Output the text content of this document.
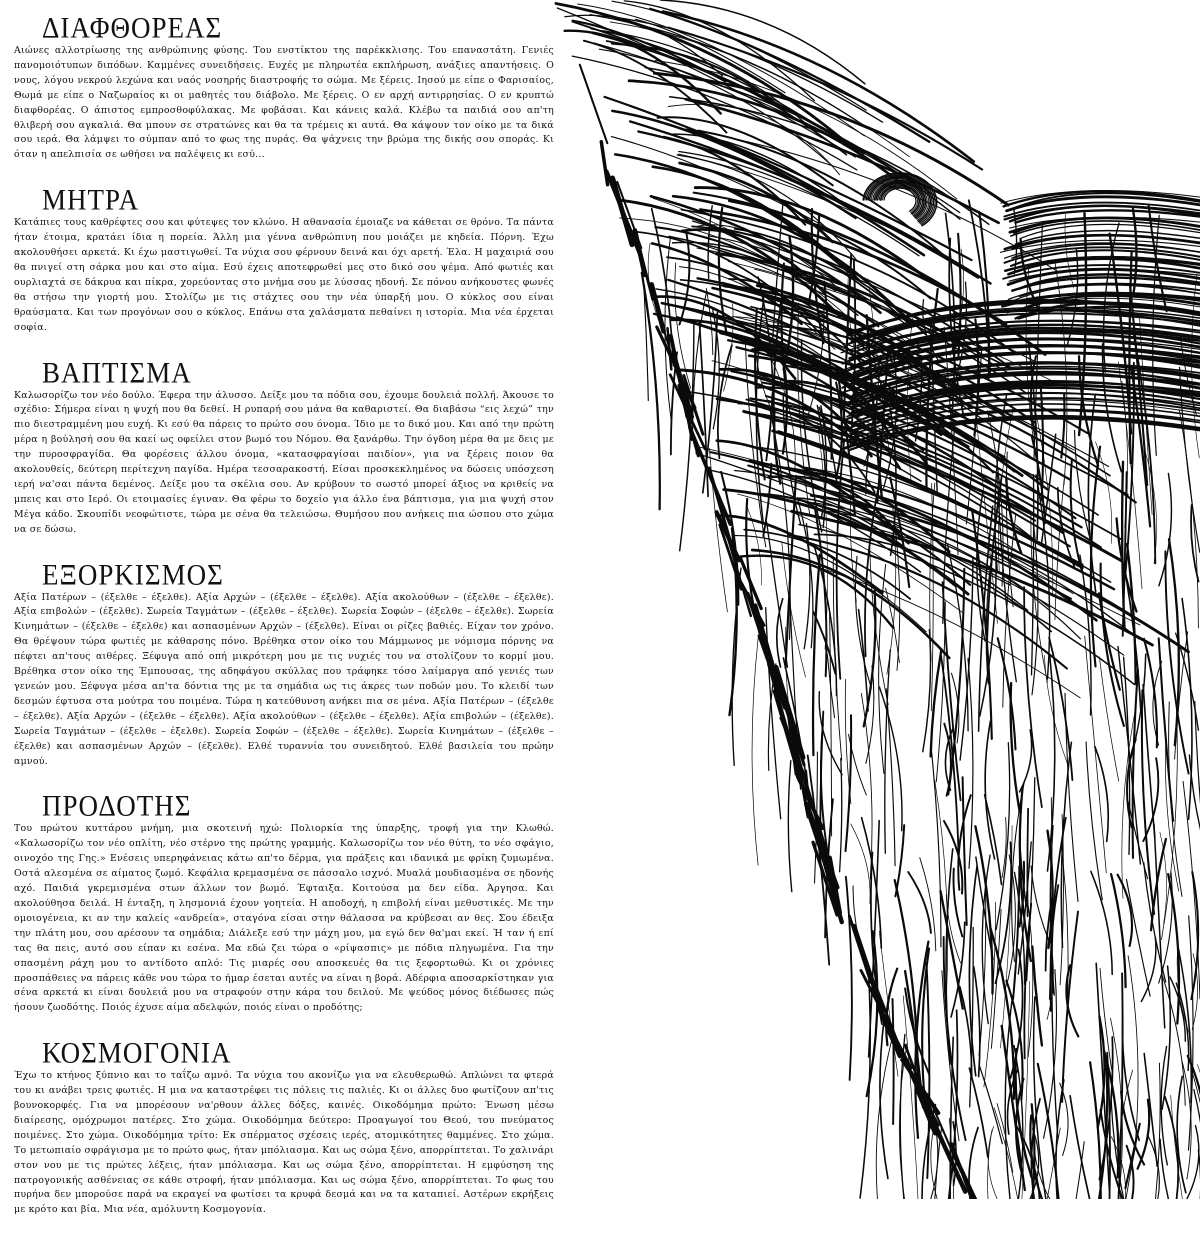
ΔΙΑΦΘΟΡΕΑΣ

Αιώνες αλλοτρίωσης της ανθρώπινης φύσης. Του ενστίκτου της παρέκκλισης. Του επαναστάτη. Γενιές πανομοιότυπων διπόδων. Καμμένες συνειδήσεις. Ευχές με πληρωτέα εκπλήρωση, ανάξιες απαντήσεις. Ο νους, λόγου νεκρού λεχώνα και ναός νοσηρής διαστροφής το σώμα. Με ξέρεις. Ιησού με είπε ο Φαρισαίος, Θωμά με είπε ο Ναζωραίος κι οι μαθητές του διάβολο. Με ξέρεις. Ο εν αρχή αντιρρησίας. Ο εν κρυπτώ διαφθορέας. Ο άπιστος εμπροσθοφύλακας. Με φοβάσαι. Και κάνεις καλά. Κλέβω τα παιδιά σου απ'τη θλιβερή σου αγκαλιά. Θα μπουν σε στρατώνες και θα τα τρέμεις κι αυτά. Θα κάψουν τον οίκο με τα δικά σου ιερά. Θα λάμψει το σύμπαν από το φως της πυράς. Θα ψάχνεις την βρώμα της δικής σου σποράς. Κι όταν η απελπισία σε ωθήσει να παλέψεις κι εσύ...

ΜΗΤΡΑ

Κατάπιες τους καθρέφτες σου και φύτεψες τον κλώνο. Η αθανασία έμοιαζε να κάθεται σε θρόνο. Τα πάντα ήταν έτοιμα, κρατάει ίδια η πορεία. Άλλη μια γέννα ανθρώπινη που μοιάζει με κηδεία. Πόρνη. Έχω ακολουθήσει αρκετά. Κι έχω μαστιγωθεί. Τα νύχια σου φέρνουν δεινά και όχι αρετή. Έλα. Η μαχαιριά σου θα πνιγεί στη σάρκα μου και στο αίμα. Εσύ έχεις αποτεφρωθεί μες στο δικό σου ψέμα. Από φωτιές και ουρλιαχτά σε δάκρυα και πίκρα, χορεύοντας στο μνήμα σου με λύσσας ηδονή. Σε πόνου ανήκουστες φωνές θα στήσω την γιορτή μου. Στολίζω με τις στάχτες σου την νέα ύπαρξή μου. Ο κύκλος σου είναι θραύσματα. Και των προγόνων σου ο κύκλος. Επάνω στα χαλάσματα πεθαίνει η ιστορία. Μια νέα έρχεται σοφία.

ΒΑΠΤΙΣΜΑ

Καλωσορίζω τον νέο δούλο. Έφερα την άλυσσο. Δείξε μου τα πόδια σου, έχουμε δουλειά πολλή. Άκουσε το σχέδιο: Σήμερα είναι η ψυχή που θα δεθεί. Η ρυπαρή σου μάνα θα καθαριστεί. Θα διαβάσω “εις λεχώ” την πιο διεστραμμένη μου ευχή. Κι εσύ θα πάρεις το πρώτο σου όνομα. Ίδιο με το δικό μου. Και από την πρώτη μέρα η βούλησή σου θα καεί ως οφείλει στον βωμό του Νόμου. Θα ξανάρθω. Την όγδοη μέρα θα με δεις με την πυροσφραγίδα. Θα φορέσεις άλλου όνομα, «κατασφραγίσαι παιδίον», για να ξέρεις ποιον θα ακολουθείς, δεύτερη περίτεχνη παγίδα. Ημέρα τεσσαρακοστή. Είσαι προσκεκλημένος να δώσεις υπόσχεση ιερή να'σαι πάντα δεμένος. Δείξε μου τα σκέλια σου. Αν κρύβουν το σωστό μπορεί άξιος να κριθείς να μπεις και στο Ιερό. Οι ετοιμασίες έγιναν. Θα φέρω το δοχείο για άλλο ένα βάπτισμα, για μια ψυχή στον Μέγα κάδο. Σκουπίδι νεοφώτιστε, τώρα με σένα θα τελειώσω. Θυμήσου που ανήκεις πια ώσπου στο χώμα να σε δώσω.

ΕΞΟΡΚΙΣΜΟΣ

Αξία Πατέρων – (έξελθε – έξελθε). Αξία Αρχών – (έξελθε – έξελθε). Αξία ακολούθων – (έξελθε – έξελθε). Αξία επιβολών – (έξελθε). Σωρεία Ταγμάτων – (έξελθε – έξελθε). Σωρεία Σοφών – (έξελθε – έξελθε). Σωρεία Κινημάτων – (έξελθε – έξελθε) και ασπασμένων Αρχών – (έξελθε). Είναι οι ρίζες βαθιές. Είχαν τον χρόνο. Θα θρέψουν τώρα φωτιές με κάθαρσης πόνο. Βρέθηκα στον οίκο του Μάμμωνος με νόμισμα πόρνης να πέφτει απ'τους αιθέρες. Ξέφυγα από οπή μικρότερη μου με τις νυχιές του να στολίζουν το κορμί μου. Βρέθηκα στον οίκο της Έμπουσας, της αδηφάγου σκύλλας που τράφηκε τόσο λαίμαργα από γενιές των γενεών μου. Ξέφυγα μέσα απ'τα δόντια της με τα σημάδια ως τις άκρες των ποδών μου. Το κλειδί των δεσμών έφτυσα στα μούτρα του ποιμένα. Τώρα η κατεύθυνση ανήκει πια σε μένα. Αξία Πατέρων – (έξελθε – έξελθε). Αξία Αρχών – (έξελθε – έξελθε). Αξία ακολούθων – (έξελθε – έξελθε). Αξία επιβολών – (έξελθε). Σωρεία Ταγμάτων – (έξελθε – έξελθε). Σωρεία Σοφών – (έξελθε – έξελθε). Σωρεία Κινημάτων – (έξελθε – έξελθε) και ασπασμένων Αρχών – (έξελθε). Ελθέ τυραννία του συνειδητού. Ελθέ βασιλεία του πρώην αμνού.

ΠΡΟΔΟΤΗΣ

Του πρώτου κυττάρου μνήμη, μια σκοτεινή ηχώ: Πολιορκία της ύπαρξης, τροφή για την Κλωθώ. «Καλωσορίζω τον νέο οπλίτη, νέο στέρνο της πρώτης γραμμής. Καλωσορίζω τον νέο θύτη, το νέο σφάγιο, οινοχόο της Γης.» Ενέσεις υπερηφάνειας κάτω απ'το δέρμα, για πράξεις και ιδανικά με φρίκη ζυμωμένα. Οστά αλεσμένα σε αίματος ζωμό. Κεφάλια κρεμασμένα σε πάσσαλο ισχνό. Μυαλά μουδιασμένα σε ηδονής αχό. Παιδιά γκρεμισμένα στων άλλων τον βωμό. Έφταιξα. Κοιτούσα μα δεν είδα. Άργησα. Και ακολούθησα δειλά. Η ένταξη, η λησμονιά έχουν γοητεία. Η αποδοχή, η επιβολή είναι μεθυστικές. Με την ομοιογένεια, κι αν την καλείς «ανδρεία», σταγόνα είσαι στην θάλασσα να κρύβεσαι αν θες. Σου έδειξα την πλάτη μου, σου αρέσουν τα σημάδια; Διάλεξε εσύ την μάχη μου, μα εγώ δεν θα'μαι εκεί. Ή ταν ή επί τας θα πεις, αυτό σου είπαν κι εσένα. Μα εδώ ζει τώρα ο «ρίψασπις» με πόδια πληγωμένα. Για την σπασμένη ράχη μου το αντίδοτο απλό: Τις μιαρές σου αποσκευές θα τις ξεφορτωθώ. Κι οι χρόνιες προσπάθειες να πάρεις κάθε νου τώρα το ήμαρ έσεται αυτές να είναι η βορά. Αδέρφια αποσαρκίστηκαν για σένα αρκετά κι είναι δουλειά μου να στραφούν στην κάρα του δειλού. Με ψεύδος μόνος διέδωσες πώς ήσουν ζωοδότης. Ποιός έχυσε αίμα αδελφών, ποιός είναι ο προδότης;

ΚΟΣΜΟΓΟΝΙΑ

Έχω το κτήνος ξύπνιο και το ταΐζω αμνό. Τα νύχια του ακονίζω για να ελευθερωθώ. Απλώνει τα φτερά του κι ανάβει τρεις φωτιές. Η μια να καταστρέφει τις πόλεις τις παλιές. Κι οι άλλες δυο φωτίζουν απ'τις βουνοκορφές. Για να μπορέσουν να'ρθουν άλλες δόξες, καινές. Οικοδόμημα πρώτο: Ένωση μέσω διαίρεσης, ομόχρωμοι πατέρες. Στο χώμα. Οικοδόμημα δεύτερο: Προαγωγοί του Θεού, του πνεύματος ποιμένες. Στο χώμα. Οικοδόμημα τρίτο: Εκ σπέρματος σχέσεις ιερές, ατομικότητες θαμμένες. Στο χώμα. Το μετωπιαίο σφράγισμα με το πρώτο φως, ήταν μπόλιασμα. Και ως σώμα ξένο, απορρίπτεται. Το χαλινάρι στον νου με τις πρώτες λέξεις, ήταν μπόλιασμα. Και ως σώμα ξένο, απορρίπτεται. Η εμφύσηση της πατρογονικής ασθένειας σε κάθε στροφή, ήταν μπόλιασμα. Και ως σώμα ξένο, απορρίπτεται. Το φως του πυρήνα δεν μπορούσε παρά να εκραγεί να φωτίσει τα κρυφά δεσμά και να τα καταπιεί. Αστέρων εκρήξεις με κρότο και βία. Μια νέα, αμόλυντη Κοσμογονία.
